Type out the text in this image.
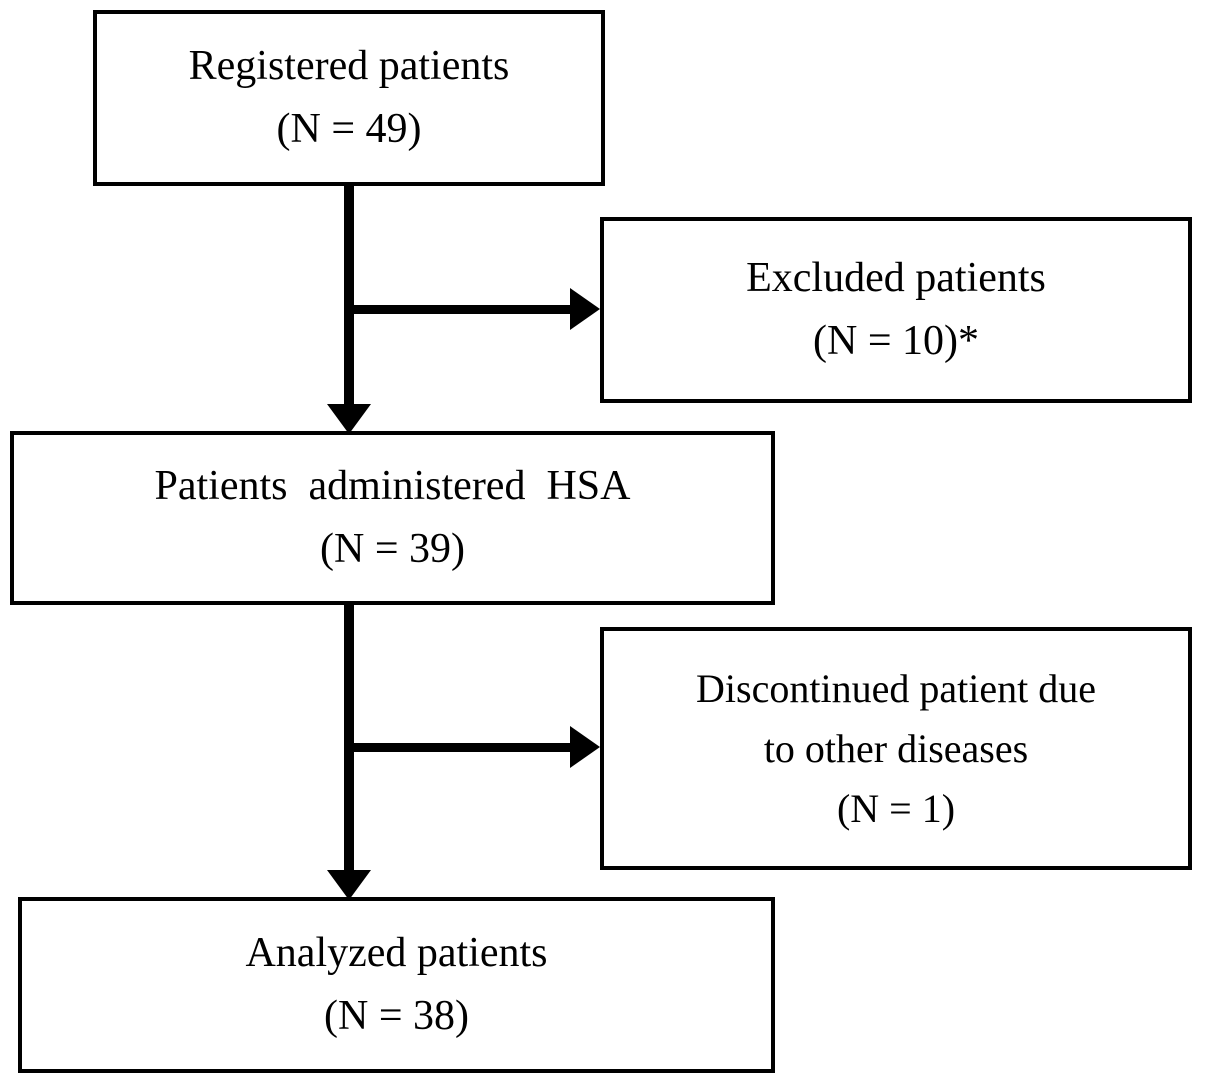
Registered patients
(N = 49)
Excluded patients
(N = 10)*
Patients  administered  HSA
(N = 39)
Discontinued patient due
to other diseases
(N = 1)
Analyzed patients
(N = 38)
